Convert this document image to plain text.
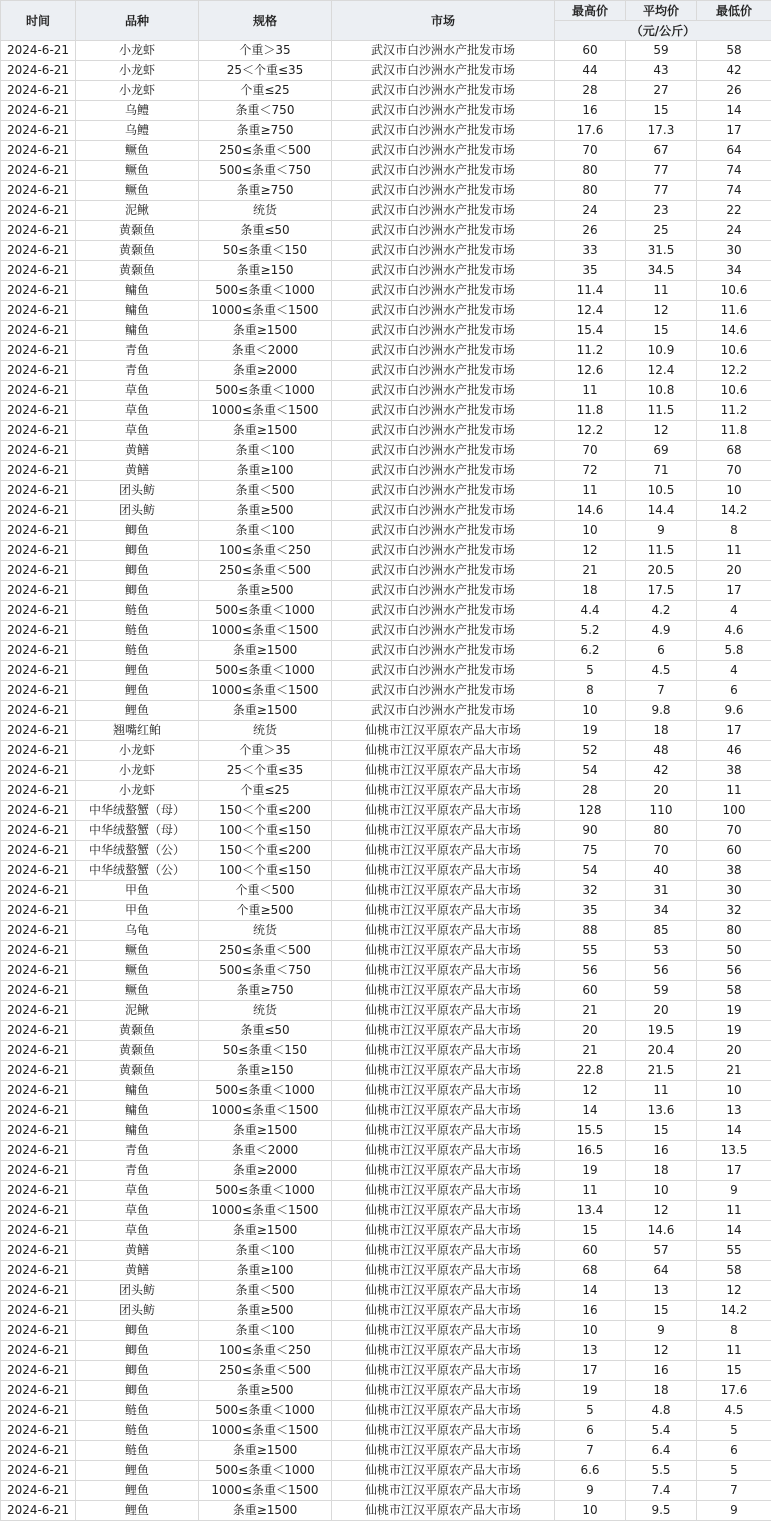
时间	品种	规格	市场	最高价	平均价	最低价
				（元/公斤）		
2024-6-21	小龙虾	个重＞35	武汉市白沙洲水产批发市场	60	59	58
2024-6-21	小龙虾	25＜个重≤35	武汉市白沙洲水产批发市场	44	43	42
2024-6-21	小龙虾	个重≤25	武汉市白沙洲水产批发市场	28	27	26
2024-6-21	乌鳢	条重＜750	武汉市白沙洲水产批发市场	16	15	14
2024-6-21	乌鳢	条重≥750	武汉市白沙洲水产批发市场	17.6	17.3	17
2024-6-21	鳜鱼	250≤条重＜500	武汉市白沙洲水产批发市场	70	67	64
2024-6-21	鳜鱼	500≤条重＜750	武汉市白沙洲水产批发市场	80	77	74
2024-6-21	鳜鱼	条重≥750	武汉市白沙洲水产批发市场	80	77	74
2024-6-21	泥鳅	统货	武汉市白沙洲水产批发市场	24	23	22
2024-6-21	黄颡鱼	条重≤50	武汉市白沙洲水产批发市场	26	25	24
2024-6-21	黄颡鱼	50≤条重＜150	武汉市白沙洲水产批发市场	33	31.5	30
2024-6-21	黄颡鱼	条重≥150	武汉市白沙洲水产批发市场	35	34.5	34
2024-6-21	鳙鱼	500≤条重＜1000	武汉市白沙洲水产批发市场	11.4	11	10.6
2024-6-21	鳙鱼	1000≤条重＜1500	武汉市白沙洲水产批发市场	12.4	12	11.6
2024-6-21	鳙鱼	条重≥1500	武汉市白沙洲水产批发市场	15.4	15	14.6
2024-6-21	青鱼	条重＜2000	武汉市白沙洲水产批发市场	11.2	10.9	10.6
2024-6-21	青鱼	条重≥2000	武汉市白沙洲水产批发市场	12.6	12.4	12.2
2024-6-21	草鱼	500≤条重＜1000	武汉市白沙洲水产批发市场	11	10.8	10.6
2024-6-21	草鱼	1000≤条重＜1500	武汉市白沙洲水产批发市场	11.8	11.5	11.2
2024-6-21	草鱼	条重≥1500	武汉市白沙洲水产批发市场	12.2	12	11.8
2024-6-21	黄鳝	条重＜100	武汉市白沙洲水产批发市场	70	69	68
2024-6-21	黄鳝	条重≥100	武汉市白沙洲水产批发市场	72	71	70
2024-6-21	团头鲂	条重＜500	武汉市白沙洲水产批发市场	11	10.5	10
2024-6-21	团头鲂	条重≥500	武汉市白沙洲水产批发市场	14.6	14.4	14.2
2024-6-21	鲫鱼	条重＜100	武汉市白沙洲水产批发市场	10	9	8
2024-6-21	鲫鱼	100≤条重＜250	武汉市白沙洲水产批发市场	12	11.5	11
2024-6-21	鲫鱼	250≤条重＜500	武汉市白沙洲水产批发市场	21	20.5	20
2024-6-21	鲫鱼	条重≥500	武汉市白沙洲水产批发市场	18	17.5	17
2024-6-21	鲢鱼	500≤条重＜1000	武汉市白沙洲水产批发市场	4.4	4.2	4
2024-6-21	鲢鱼	1000≤条重＜1500	武汉市白沙洲水产批发市场	5.2	4.9	4.6
2024-6-21	鲢鱼	条重≥1500	武汉市白沙洲水产批发市场	6.2	6	5.8
2024-6-21	鲤鱼	500≤条重＜1000	武汉市白沙洲水产批发市场	5	4.5	4
2024-6-21	鲤鱼	1000≤条重＜1500	武汉市白沙洲水产批发市场	8	7	6
2024-6-21	鲤鱼	条重≥1500	武汉市白沙洲水产批发市场	10	9.8	9.6
2024-6-21	翘嘴红鲌	统货	仙桃市江汉平原农产品大市场	19	18	17
2024-6-21	小龙虾	个重＞35	仙桃市江汉平原农产品大市场	52	48	46
2024-6-21	小龙虾	25＜个重≤35	仙桃市江汉平原农产品大市场	54	42	38
2024-6-21	小龙虾	个重≤25	仙桃市江汉平原农产品大市场	28	20	11
2024-6-21	中华绒螯蟹（母）	150＜个重≤200	仙桃市江汉平原农产品大市场	128	110	100
2024-6-21	中华绒螯蟹（母）	100＜个重≤150	仙桃市江汉平原农产品大市场	90	80	70
2024-6-21	中华绒螯蟹（公）	150＜个重≤200	仙桃市江汉平原农产品大市场	75	70	60
2024-6-21	中华绒螯蟹（公）	100＜个重≤150	仙桃市江汉平原农产品大市场	54	40	38
2024-6-21	甲鱼	个重＜500	仙桃市江汉平原农产品大市场	32	31	30
2024-6-21	甲鱼	个重≥500	仙桃市江汉平原农产品大市场	35	34	32
2024-6-21	乌龟	统货	仙桃市江汉平原农产品大市场	88	85	80
2024-6-21	鳜鱼	250≤条重＜500	仙桃市江汉平原农产品大市场	55	53	50
2024-6-21	鳜鱼	500≤条重＜750	仙桃市江汉平原农产品大市场	56	56	56
2024-6-21	鳜鱼	条重≥750	仙桃市江汉平原农产品大市场	60	59	58
2024-6-21	泥鳅	统货	仙桃市江汉平原农产品大市场	21	20	19
2024-6-21	黄颡鱼	条重≤50	仙桃市江汉平原农产品大市场	20	19.5	19
2024-6-21	黄颡鱼	50≤条重＜150	仙桃市江汉平原农产品大市场	21	20.4	20
2024-6-21	黄颡鱼	条重≥150	仙桃市江汉平原农产品大市场	22.8	21.5	21
2024-6-21	鳙鱼	500≤条重＜1000	仙桃市江汉平原农产品大市场	12	11	10
2024-6-21	鳙鱼	1000≤条重＜1500	仙桃市江汉平原农产品大市场	14	13.6	13
2024-6-21	鳙鱼	条重≥1500	仙桃市江汉平原农产品大市场	15.5	15	14
2024-6-21	青鱼	条重＜2000	仙桃市江汉平原农产品大市场	16.5	16	13.5
2024-6-21	青鱼	条重≥2000	仙桃市江汉平原农产品大市场	19	18	17
2024-6-21	草鱼	500≤条重＜1000	仙桃市江汉平原农产品大市场	11	10	9
2024-6-21	草鱼	1000≤条重＜1500	仙桃市江汉平原农产品大市场	13.4	12	11
2024-6-21	草鱼	条重≥1500	仙桃市江汉平原农产品大市场	15	14.6	14
2024-6-21	黄鳝	条重＜100	仙桃市江汉平原农产品大市场	60	57	55
2024-6-21	黄鳝	条重≥100	仙桃市江汉平原农产品大市场	68	64	58
2024-6-21	团头鲂	条重＜500	仙桃市江汉平原农产品大市场	14	13	12
2024-6-21	团头鲂	条重≥500	仙桃市江汉平原农产品大市场	16	15	14.2
2024-6-21	鲫鱼	条重＜100	仙桃市江汉平原农产品大市场	10	9	8
2024-6-21	鲫鱼	100≤条重＜250	仙桃市江汉平原农产品大市场	13	12	11
2024-6-21	鲫鱼	250≤条重＜500	仙桃市江汉平原农产品大市场	17	16	15
2024-6-21	鲫鱼	条重≥500	仙桃市江汉平原农产品大市场	19	18	17.6
2024-6-21	鲢鱼	500≤条重＜1000	仙桃市江汉平原农产品大市场	5	4.8	4.5
2024-6-21	鲢鱼	1000≤条重＜1500	仙桃市江汉平原农产品大市场	6	5.4	5
2024-6-21	鲢鱼	条重≥1500	仙桃市江汉平原农产品大市场	7	6.4	6
2024-6-21	鲤鱼	500≤条重＜1000	仙桃市江汉平原农产品大市场	6.6	5.5	5
2024-6-21	鲤鱼	1000≤条重＜1500	仙桃市江汉平原农产品大市场	9	7.4	7
2024-6-21	鲤鱼	条重≥1500	仙桃市江汉平原农产品大市场	10	9.5	9
